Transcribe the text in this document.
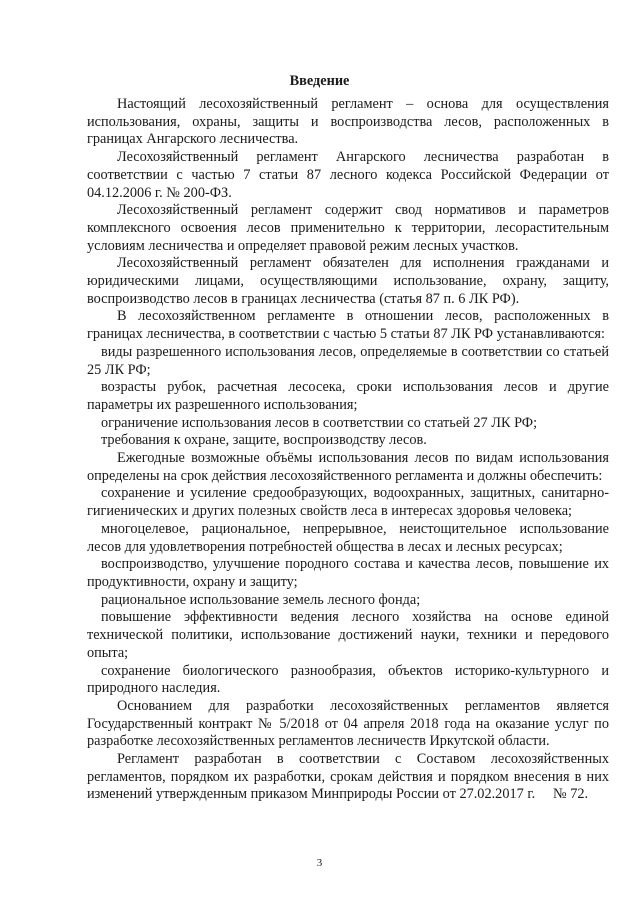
Введение

Настоящий лесохозяйственный регламент – основа для осуществления использования, охраны, защиты и воспроизводства лесов, расположенных в границах Ангарского лесничества.

Лесохозяйственный регламент Ангарского лесничества разработан в соответствии с частью 7 статьи 87 лесного кодекса Российской Федерации от 04.12.2006 г. № 200-ФЗ.

Лесохозяйственный регламент содержит свод нормативов и параметров комплексного освоения лесов применительно к территории, лесорастительным условиям лесничества и определяет правовой режим лесных участков.

Лесохозяйственный регламент обязателен для исполнения гражданами и юридическими лицами, осуществляющими использование, охрану, защиту, воспроизводство лесов в границах лесничества (статья 87 п. 6 ЛК РФ).

В лесохозяйственном регламенте в отношении лесов, расположенных в границах лесничества, в соответствии с частью 5 статьи 87 ЛК РФ устанавливаются:

виды разрешенного использования лесов, определяемые в соответствии со статьей 25 ЛК РФ;

возрасты рубок, расчетная лесосека, сроки использования лесов и другие параметры их разрешенного использования;

ограничение использования лесов в соответствии со статьей 27 ЛК РФ;

требования к охране, защите, воспроизводству лесов.

Ежегодные возможные объёмы использования лесов по видам использования определены на срок действия лесохозяйственного регламента и должны обеспечить:

сохранение и усиление средообразующих, водоохранных, защитных, санитарно-гигиенических и других полезных свойств леса в интересах здоровья человека;

многоцелевое, рациональное, непрерывное, неистощительное использование лесов для удовлетворения потребностей общества в лесах и лесных ресурсах;

воспроизводство, улучшение породного состава и качества лесов, повышение их продуктивности, охрану и защиту;

рациональное использование земель лесного фонда;

повышение эффективности ведения лесного хозяйства на основе единой технической политики, использование достижений науки, техники и передового опыта;

сохранение биологического разнообразия, объектов историко-культурного и природного наследия.

Основанием для разработки лесохозяйственных регламентов является Государственный контракт № 5/2018 от 04 апреля 2018 года на оказание услуг по разработке лесохозяйственных регламентов лесничеств Иркутской области.

Регламент разработан в соответствии с Составом лесохозяйственных регламентов, порядком их разработки, срокам действия и порядком внесения в них изменений утвержденным приказом Минприроды России от 27.02.2017 г.     № 72.

3
